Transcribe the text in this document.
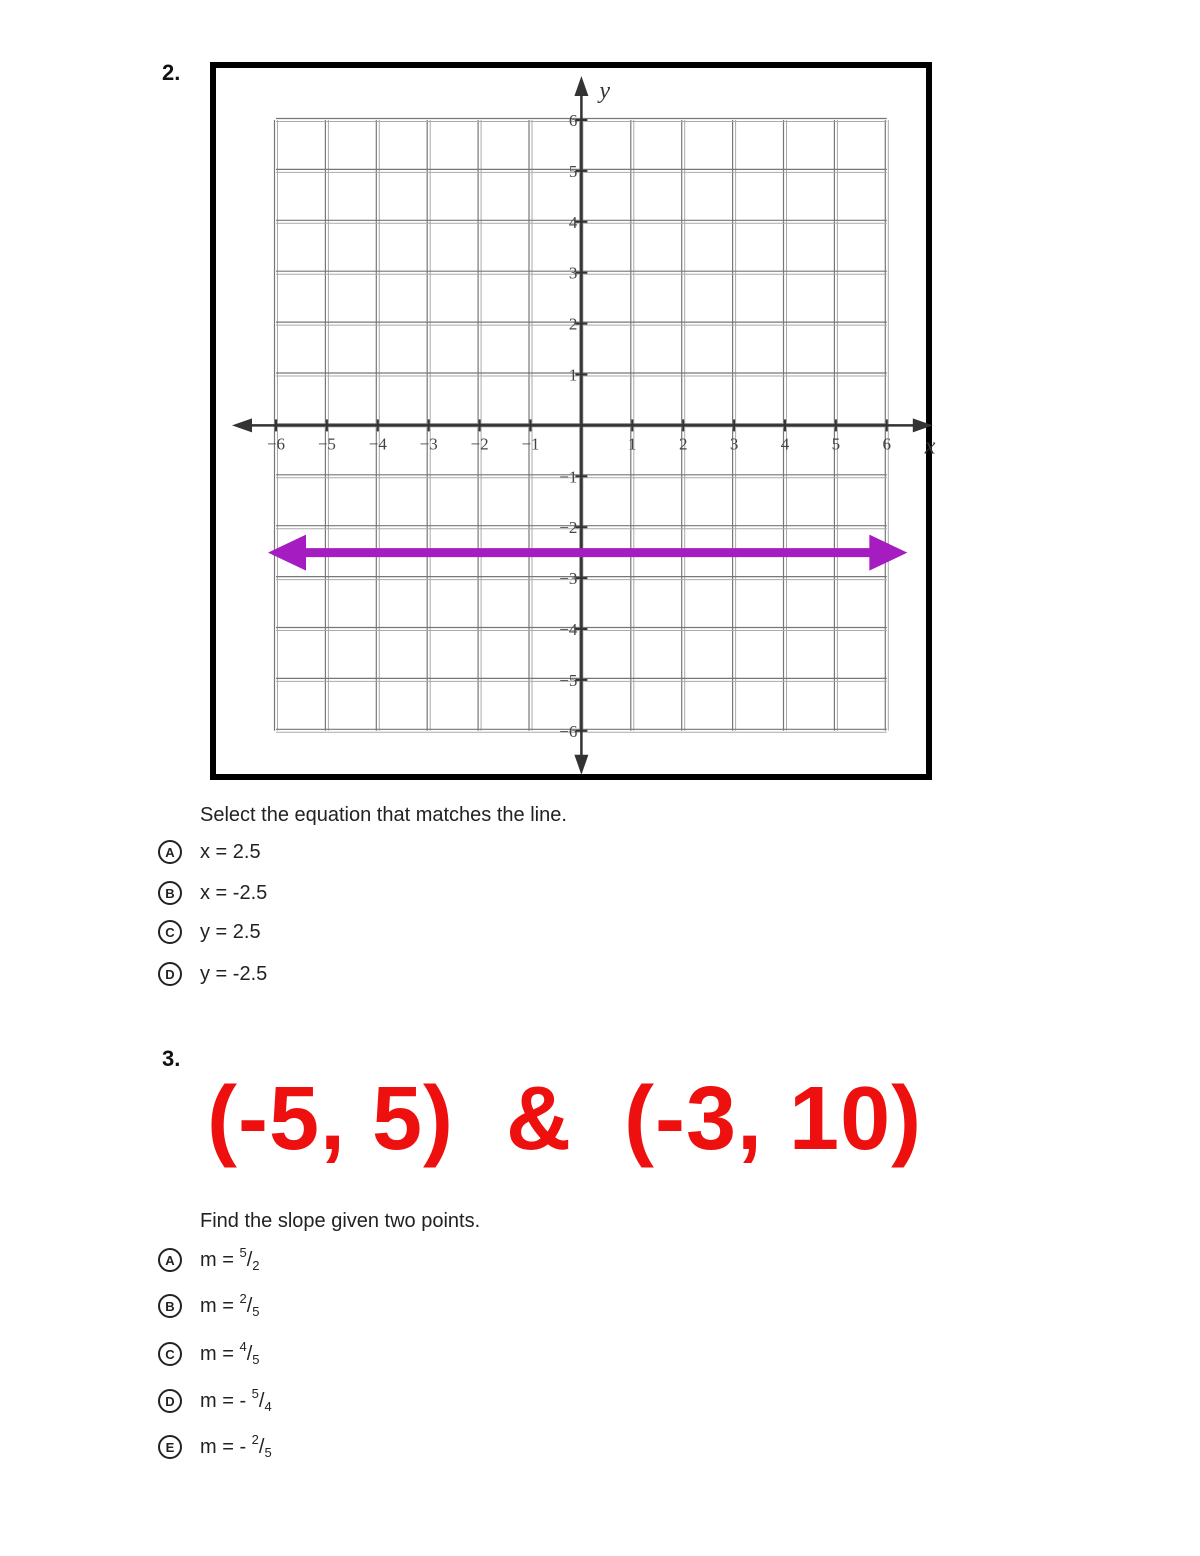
2.
−6 −5 −4 −3 −2 −1	1 2 3 4 5 6
6
5
4
3
2
1
−1
−2
−3
−4
−5
−6
x
y
Select the equation that matches the line.
A	x = 2.5
B	x = -2.5
C	y = 2.5
D	y = -2.5
3.
(-5, 5)  &  (-3, 10)
Find the slope given two points.
A	$m = ^5/_2$
B	$m = ^2/_5$
C	$m = ^4/_5$
D	m = - $^5/_4$
E	m = - $^2/_5$
